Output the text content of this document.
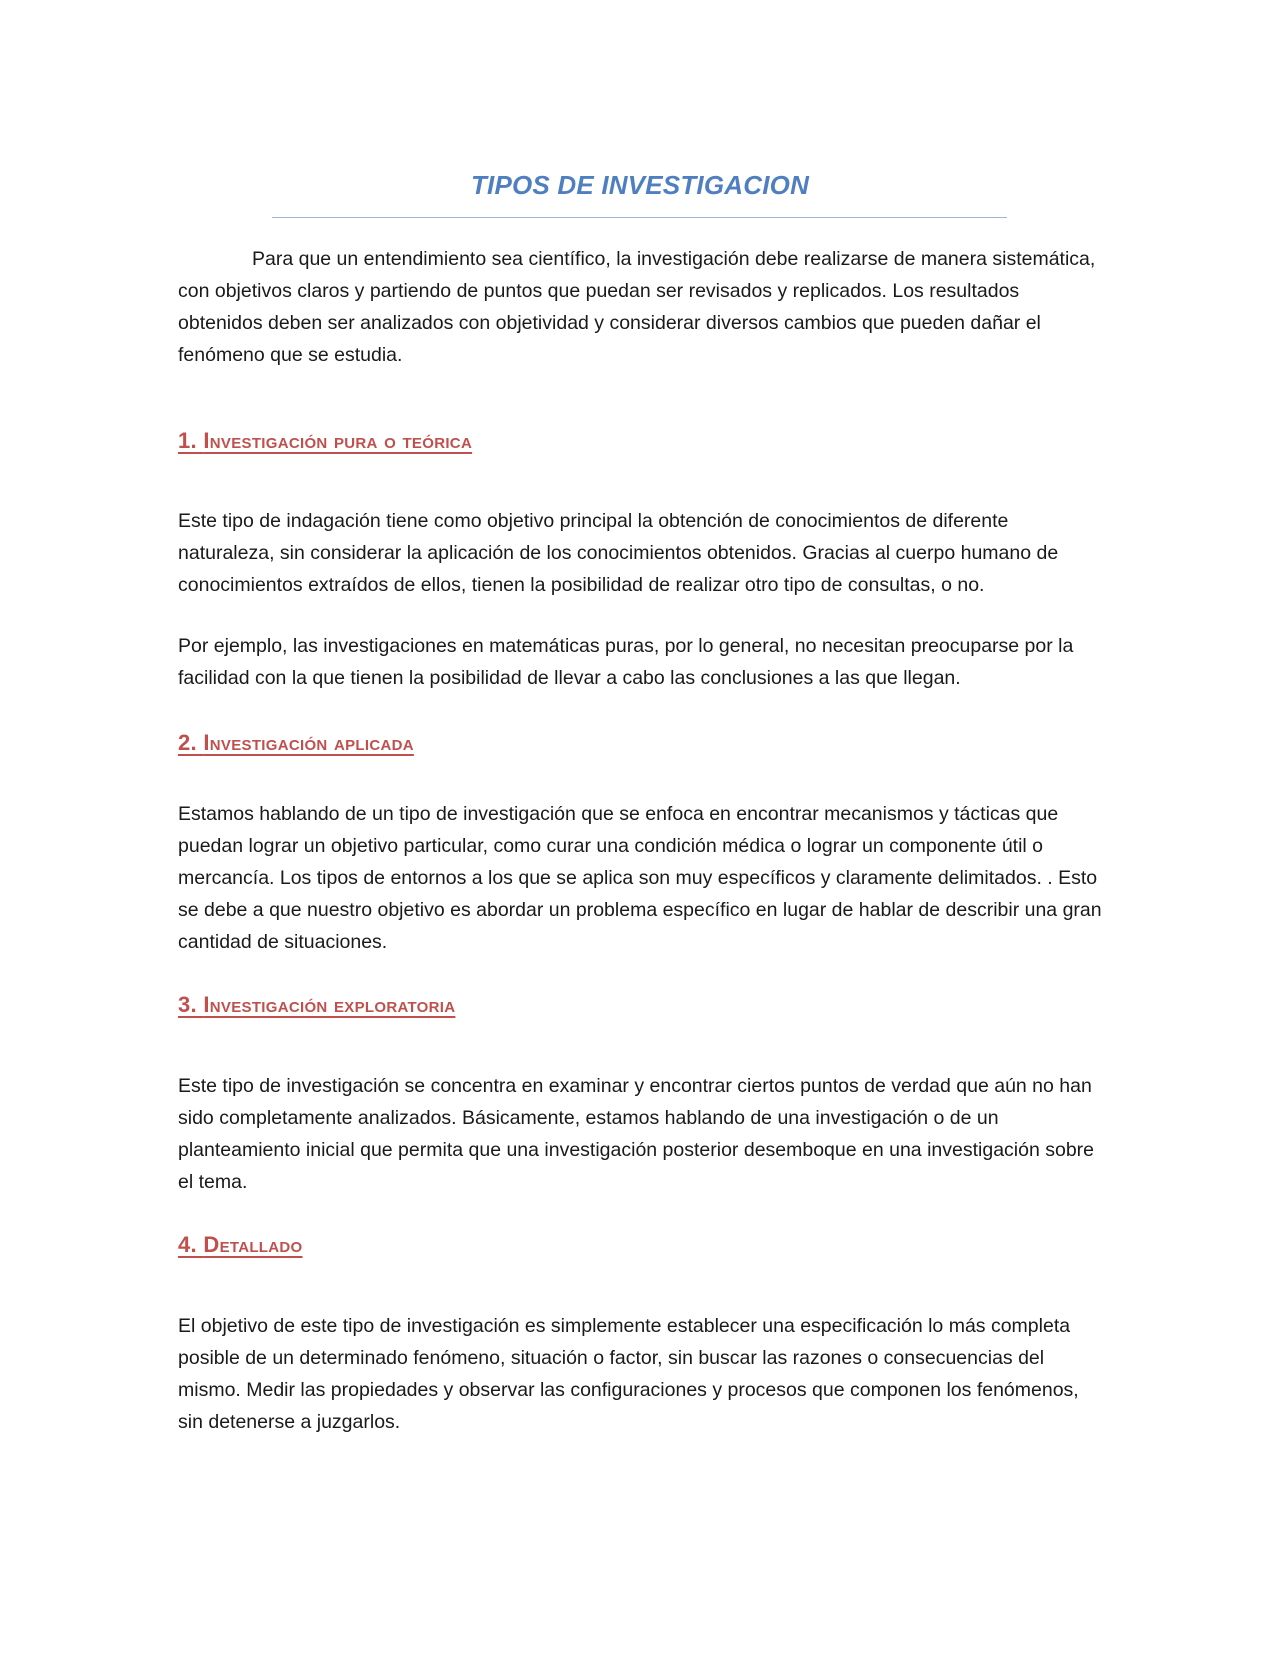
TIPOS DE INVESTIGACION

Para que un entendimiento sea científico, la investigación debe realizarse de manera sistemática, con objetivos claros y partiendo de puntos que puedan ser revisados y replicados. Los resultados obtenidos deben ser analizados con objetividad y considerar diversos cambios que pueden dañar el fenómeno que se estudia.

1. Investigación pura o teórica

Este tipo de indagación tiene como objetivo principal la obtención de conocimientos de diferente naturaleza, sin considerar la aplicación de los conocimientos obtenidos. Gracias al cuerpo humano de conocimientos extraídos de ellos, tienen la posibilidad de realizar otro tipo de consultas, o no.

Por ejemplo, las investigaciones en matemáticas puras, por lo general, no necesitan preocuparse por la facilidad con la que tienen la posibilidad de llevar a cabo las conclusiones a las que llegan.

2. Investigación aplicada

Estamos hablando de un tipo de investigación que se enfoca en encontrar mecanismos y tácticas que puedan lograr un objetivo particular, como curar una condición médica o lograr un componente útil o mercancía. Los tipos de entornos a los que se aplica son muy específicos y claramente delimitados. . Esto se debe a que nuestro objetivo es abordar un problema específico en lugar de hablar de describir una gran cantidad de situaciones.

3. Investigación exploratoria

Este tipo de investigación se concentra en examinar y encontrar ciertos puntos de verdad que aún no han sido completamente analizados. Básicamente, estamos hablando de una investigación o de un planteamiento inicial que permita que una investigación posterior desemboque en una investigación sobre el tema.

4. Detallado

El objetivo de este tipo de investigación es simplemente establecer una especificación lo más completa posible de un determinado fenómeno, situación o factor, sin buscar las razones o consecuencias del mismo. Medir las propiedades y observar las configuraciones y procesos que componen los fenómenos, sin detenerse a juzgarlos.
